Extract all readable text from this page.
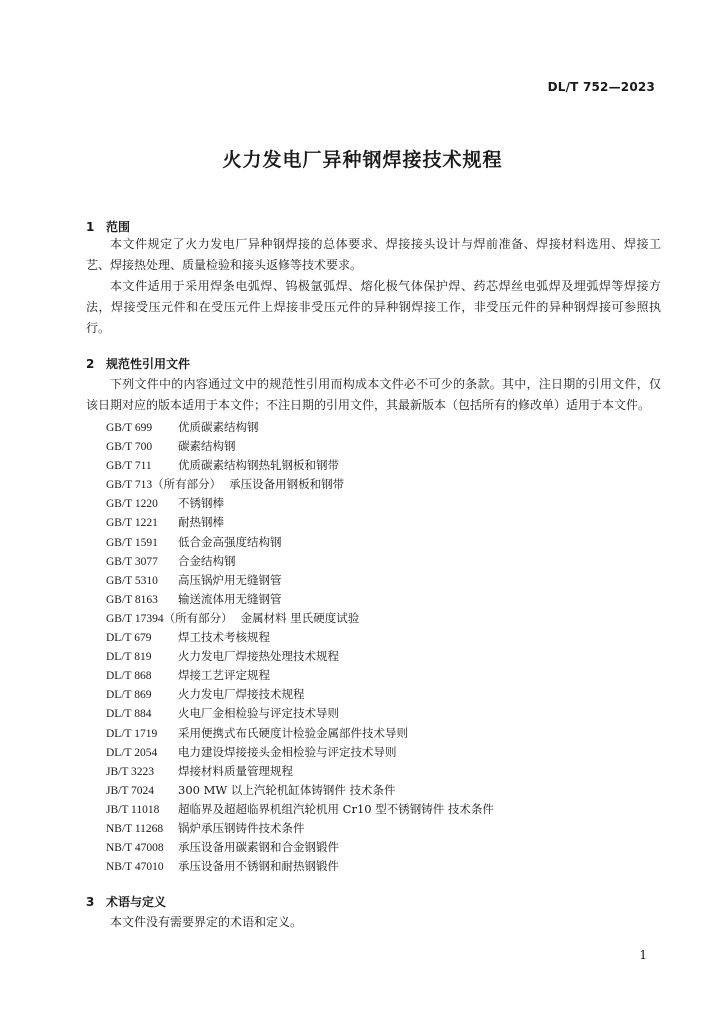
DL/T 752—2023
火力发电厂异种钢焊接技术规程
1 范围

本文件规定了火力发电厂异种钢焊接的总体要求、焊接接头设计与焊前准备、焊接材料选用、焊接工艺、焊接热处理、质量检验和接头返修等技术要求。

本文件适用于采用焊条电弧焊、钨极氩弧焊、熔化极气体保护焊、药芯焊丝电弧焊及埋弧焊等焊接方法，焊接受压元件和在受压元件上焊接非受压元件的异种钢焊接工作，非受压元件的异种钢焊接可参照执行。

2 规范性引用文件

下列文件中的内容通过文中的规范性引用而构成本文件必不可少的条款。其中，注日期的引用文件，仅该日期对应的版本适用于本文件；不注日期的引用文件，其最新版本（包括所有的修改单）适用于本文件。

GB/T 699 优质碳素结构钢
GB/T 700 碳素结构钢
GB/T 711 优质碳素结构钢热轧钢板和钢带
GB/T 713（所有部分） 承压设备用钢板和钢带
GB/T 1220 不锈钢棒
GB/T 1221 耐热钢棒
GB/T 1591 低合金高强度结构钢
GB/T 3077 合金结构钢
GB/T 5310 高压锅炉用无缝钢管
GB/T 8163 输送流体用无缝钢管
GB/T 17394（所有部分） 金属材料 里氏硬度试验
DL/T 679 焊工技术考核规程
DL/T 819 火力发电厂焊接热处理技术规程
DL/T 868 焊接工艺评定规程
DL/T 869 火力发电厂焊接技术规程
DL/T 884 火电厂金相检验与评定技术导则
DL/T 1719 采用便携式布氏硬度计检验金属部件技术导则
DL/T 2054 电力建设焊接接头金相检验与评定技术导则
JB/T 3223 焊接材料质量管理规程
JB/T 7024 300 MW 以上汽轮机缸体铸钢件 技术条件
JB/T 11018 超临界及超超临界机组汽轮机用 Cr10 型不锈钢铸件 技术条件
NB/T 11268 锅炉承压钢铸件技术条件
NB/T 47008 承压设备用碳素钢和合金钢锻件
NB/T 47010 承压设备用不锈钢和耐热钢锻件
3 术语与定义

本文件没有需要界定的术语和定义。

1
